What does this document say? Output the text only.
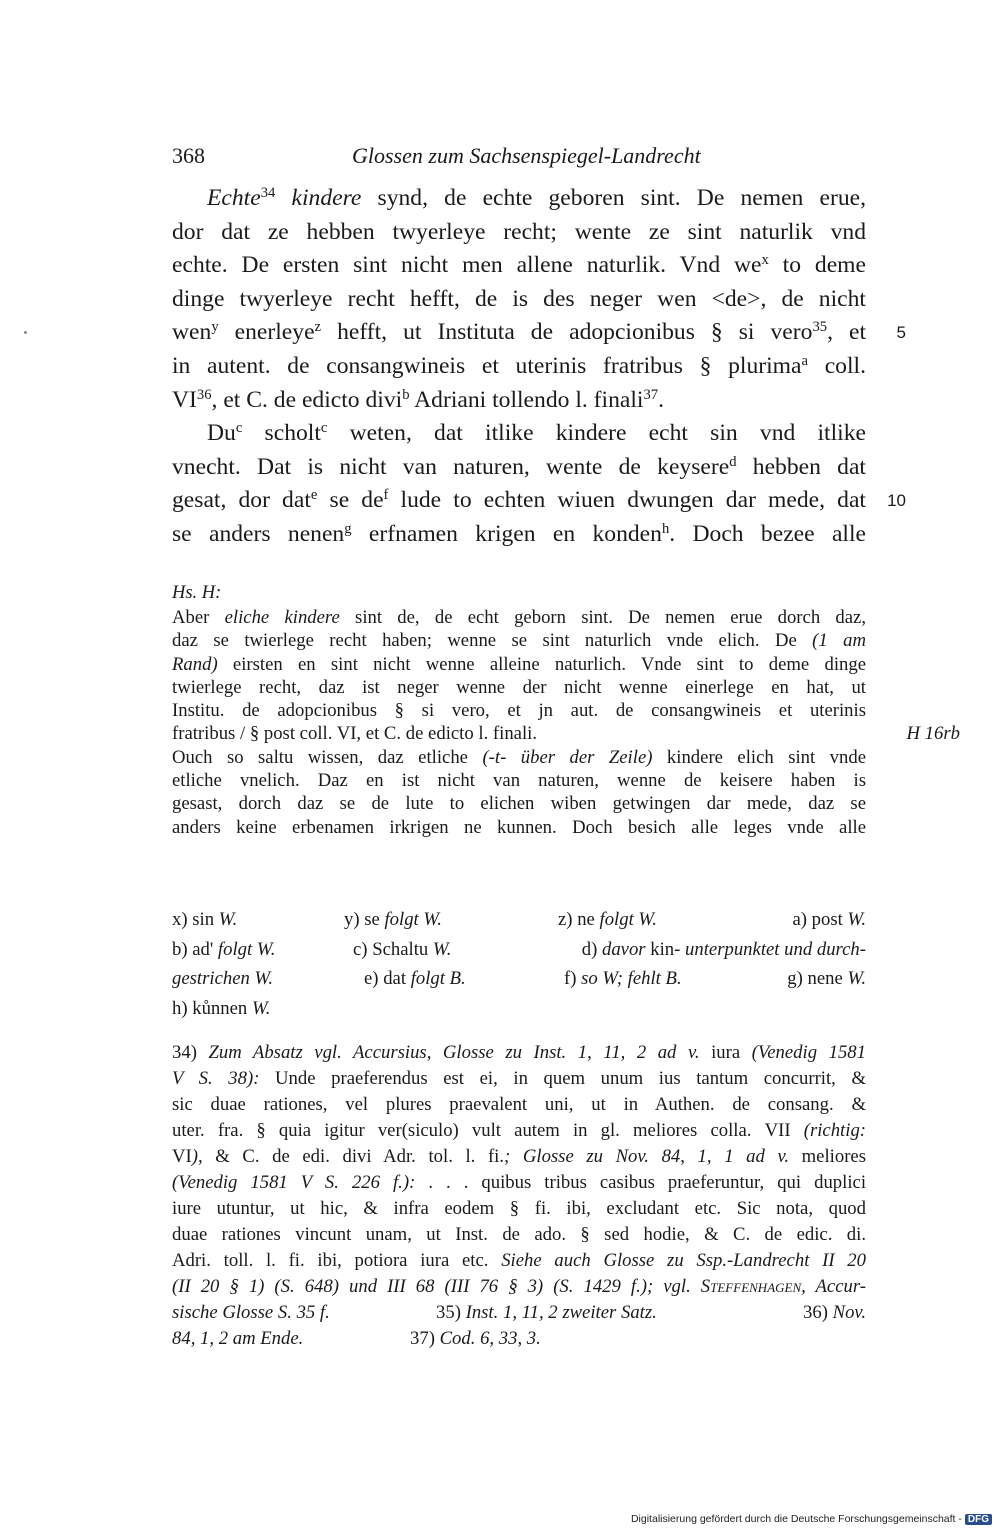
368	Glossen zum Sachsenspiegel-Landrecht
Echte$^{34}$ kindere synd, de echte geboren sint. De nemen erue,
dor dat ze hebben twyerleye recht; wente ze sint naturlik vnd
echte. De ersten sint nicht men allene naturlik. Vnd $we^x$ to deme
dinge twyerleye recht hefft, de is des neger wen <de>, de nicht
wen$^y$ enerleye$^z$ hefft, ut Instituta de adopcionibus § si vero$^{35}$, et 5
in autent. de consangwineis et uterinis fratribus § plurima$^a$ coll.
VI$^{36}$, et C. de edicto divi$^b$ Adriani tollendo l. finali$^{37}$.
Du$^c$ scholt$^c$ weten, dat itlike kindere echt sin vnd itlike
vnecht. Dat is nicht van naturen, wente de keysere$^d$ hebben dat
gesat, dor dat$^e$ se $de^f$ lude to echten wiuen dwungen dar mede, dat 10
se anders nenen$^g$ erfnamen krigen en konden$^h$. Doch bezee alle
Hs. H:
Aber eliche kindere sint de, de echt geborn sint. De nemen erue dorch daz,
daz se twierlege recht haben; wenne se sint naturlich vnde elich. De (1 am
Rand) eirsten en sint nicht wenne alleine naturlich. Vnde sint to deme dinge
twierlege recht, daz ist neger wenne der nicht wenne einerlege en hat, ut
Institu. de adopcionibus § si vero, et jn aut. de consangwineis et uterinis
fratribus / § post coll. VI, et C. de edicto l. finali.	H 16rb
Ouch so saltu wissen, daz etliche (-t- über der Zeile) kindere elich sint vnde
etliche vnelich. Daz en ist nicht van naturen, wenne de keisere haben is
gesast, dorch daz se de lute to elichen wiben getwingen dar mede, daz se
anders keine erbenamen irkrigen ne kunnen. Doch besich alle leges vnde alle
x) sin W.	y) se folgt W.	z) ne folgt W.	a) post W.
b) ad' folgt W.	c) Schaltu W.	d) davor kin- unterpunktet und durch-
gestrichen W.	e) dat folgt B.	f) so W; fehlt B.	g) nene W.
h) kůnnen W.
34) Zum Absatz vgl. Accursius, Glosse zu Inst. 1, 11, 2 ad v. iura (Venedig 1581
V S. 38): Unde praeferendus est ei, in quem unum ius tantum concurrit, &
sic duae rationes, vel plures praevalent uni, ut in Authen. de consang. &
uter. fra. § quia igitur ver(siculo) vult autem in gl. meliores colla. VII (richtig:
VI), & C. de edi. divi Adr. tol. l. fi.; Glosse zu Nov. 84, 1, 1 ad v. meliores
(Venedig 1581 V S. 226 f.): . . . quibus tribus casibus praeferuntur, qui duplici
iure utuntur, ut hic, & infra eodem § fi. ibi, excludant etc. Sic nota, quod
duae rationes vincunt unam, ut Inst. de ado. § sed hodie, & C. de edic. di.
Adri. toll. l. fi. ibi, potiora iura etc. Siehe auch Glosse zu Ssp.-Landrecht II 20
(II 20 § 1) (S. 648) und III 68 (III 76 § 3) (S. 1429 f.); vgl. Steffenhagen, Accur-
sische Glosse S. 35 f.	35) Inst. 1, 11, 2 zweiter Satz.	36) Nov.
84, 1, 2 am Ende.	37) Cod. 6, 33, 3.
Digitalisierung gefördert durch die Deutsche Forschungsgemeinschaft - DFG
